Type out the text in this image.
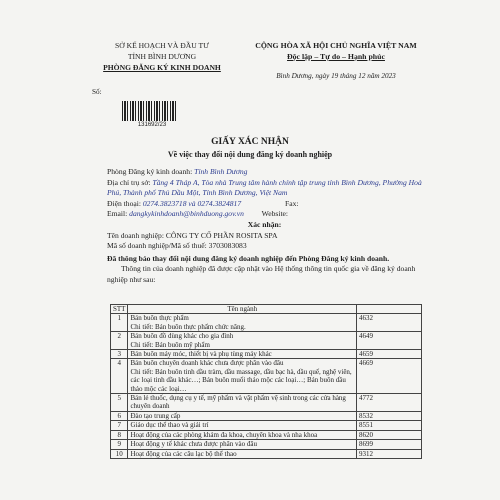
SỞ KẾ HOẠCH VÀ ĐẦU TƯ
TỈNH BÌNH DƯƠNG
PHÒNG ĐĂNG KÝ KINH DOANH
CỘNG HÒA XÃ HỘI CHỦ NGHĨA VIỆT NAM
Độc lập – Tự do – Hạnh phúc
Bình Dương, ngày 19 tháng 12 năm 2023
Số:
131692/23
GIẤY XÁC NHẬN
Về việc thay đổi nội dung đăng ký doanh nghiệp

Phòng Đăng ký kinh doanh: Tỉnh Bình Dương

Địa chỉ trụ sở: Tầng 4 Tháp A, Tòa nhà Trung tâm hành chính tập trung tỉnh Bình Dương, Phường Hoà Phú, Thành phố Thủ Dầu Một, Tỉnh Bình Dương, Việt Nam

Điện thoại: 0274.3823718 và 0274.3824817	Fax:

Email: dangkykinhdoanh@binhduong.gov.vn Website:

Xác nhận:

Tên doanh nghiệp: CÔNG TY CỔ PHẦN ROSITA SPA

Mã số doanh nghiệp/Mã số thuế: 3703083083

Đã thông báo thay đổi nội dung đăng ký doanh nghiệp đến Phòng Đăng ký kinh doanh.

Thông tin của doanh nghiệp đã được cập nhật vào Hệ thống thông tin quốc gia về đăng ký doanh nghiệp như sau:

STT	Tên ngành	
1	Bán buôn thực phẩm
Chi tiết: Bán buôn thực phẩm chức năng.	4632
2	Bán buôn đồ dùng khác cho gia đình
Chi tiết: Bán buôn mỹ phẩm	4649
3	Bán buôn máy móc, thiết bị và phụ tùng máy khác	4659
4	Bán buôn chuyên doanh khác chưa được phân vào đâu
Chi tiết: Bán buôn tinh dầu tràm, dầu massage, dầu bạc hà, dầu quế, nghệ viên, các loại tinh dầu khác…; Bán buôn muối thảo mộc các loại…; Bán buôn dầu thảo mộc các loại…	4669
5	Bán lẻ thuốc, dụng cụ y tế, mỹ phẩm và vật phẩm vệ sinh trong các cửa hàng chuyên doanh	4772
6	Đào tạo trung cấp	8532
7	Giáo dục thể thao và giải trí	8551
8	Hoạt động của các phòng khám đa khoa, chuyên khoa và nha khoa	8620
9	Hoạt động y tế khác chưa được phân vào đâu	8699
10	Hoạt động của các câu lạc bộ thể thao	9312
